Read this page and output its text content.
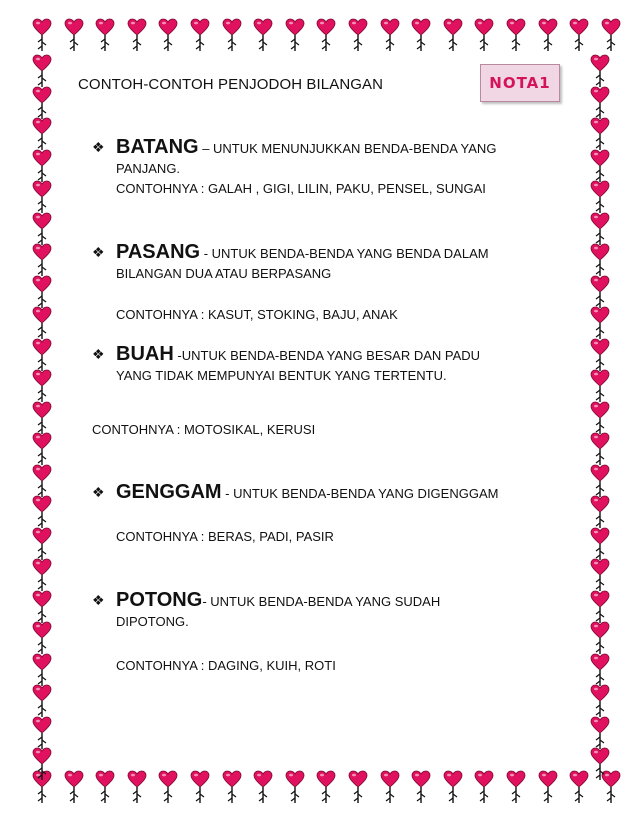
CONTOH-CONTOH PENJODOH BILANGAN	NOTA1
❖ BATANG – UNTUK MENUNJUKKAN BENDA-BENDA YANG
PANJANG.
CONTOHNYA : GALAH , GIGI, LILIN, PAKU, PENSEL, SUNGAI
❖ PASANG - UNTUK BENDA-BENDA YANG BENDA DALAM
BILANGAN DUA ATAU BERPASANG
CONTOHNYA : KASUT, STOKING, BAJU, ANAK
❖ BUAH -UNTUK BENDA-BENDA YANG BESAR DAN PADU
YANG TIDAK MEMPUNYAI BENTUK YANG TERTENTU.
CONTOHNYA : MOTOSIKAL, KERUSI
❖ GENGGAM - UNTUK BENDA-BENDA YANG DIGENGGAM
CONTOHNYA : BERAS, PADI, PASIR
❖ POTONG- UNTUK BENDA-BENDA YANG SUDAH
DIPOTONG.
CONTOHNYA : DAGING, KUIH, ROTI
